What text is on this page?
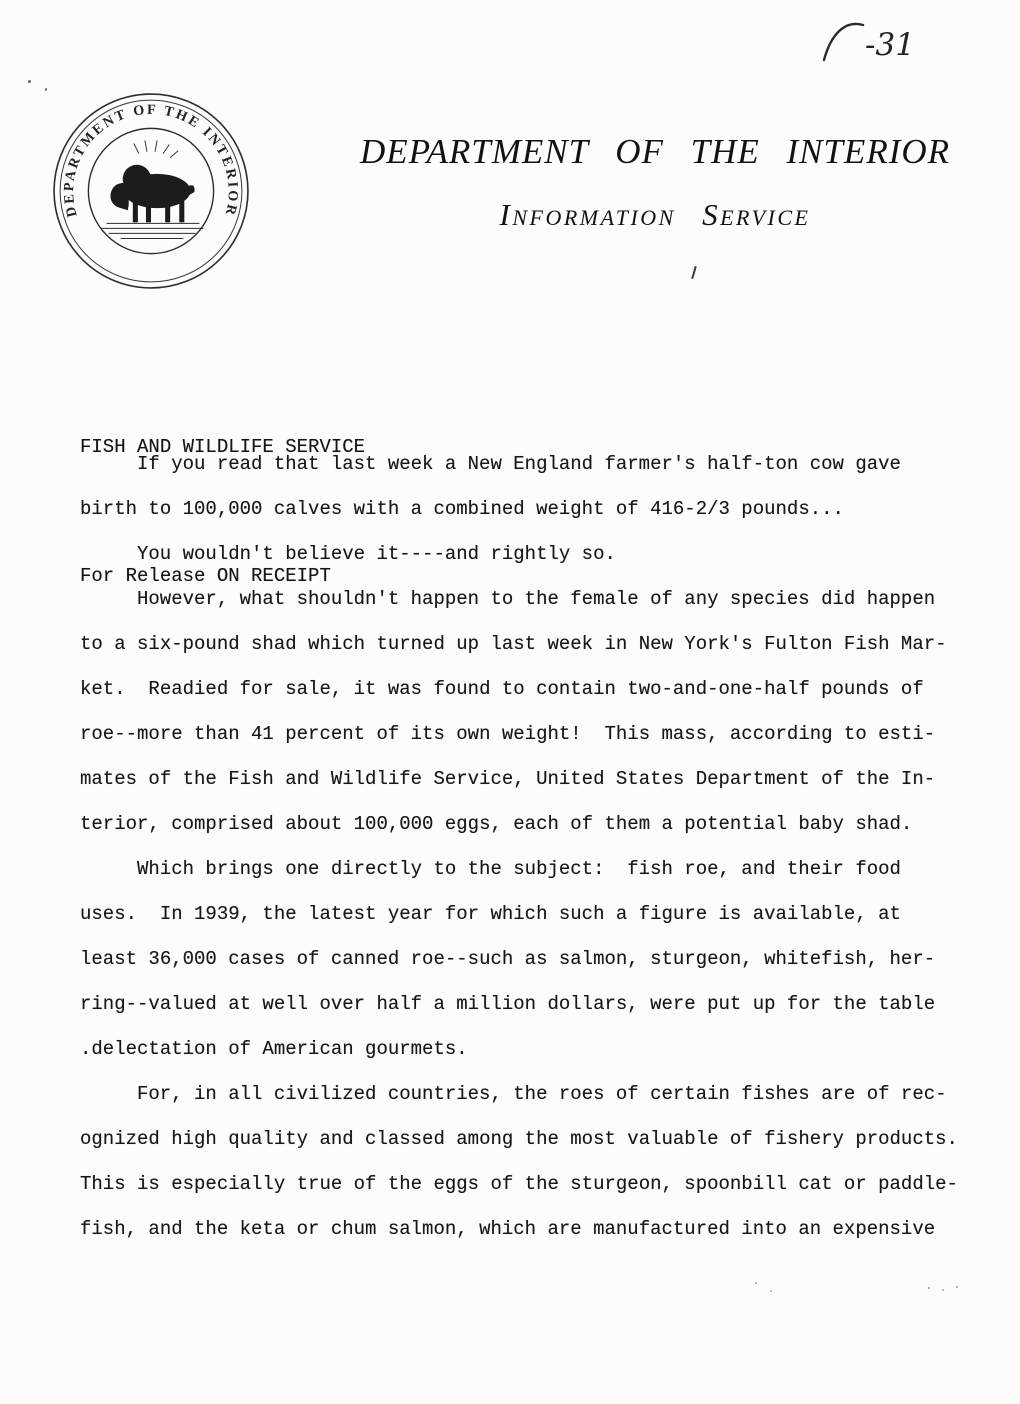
-31
DEPARTMENT OF THE INTERIOR
DEPARTMENT OF THE INTERIOR
Information Service

FISH AND WILDLIFE SERVICE

For Release ON RECEIPT

If you read that last week a New England farmer's half-ton cow gave
birth to 100,000 calves with a combined weight of 416-2/3 pounds...
You wouldn't believe it----and rightly so.
However, what shouldn't happen to the female of any species did happen
to a six-pound shad which turned up last week in New York's Fulton Fish Mar-
ket.  Readied for sale, it was found to contain two-and-one-half pounds of
roe--more than 41 percent of its own weight!  This mass, according to esti-
mates of the Fish and Wildlife Service, United States Department of the In-
terior, comprised about 100,000 eggs, each of them a potential baby shad.
Which brings one directly to the subject:  fish roe, and their food
uses.  In 1939, the latest year for which such a figure is available, at
least 36,000 cases of canned roe--such as salmon, sturgeon, whitefish, her-
ring--valued at well over half a million dollars, were put up for the table
.delectation of American gourmets.
For, in all civilized countries, the roes of certain fishes are of rec-
ognized high quality and classed among the most valuable of fishery products.
This is especially true of the eggs of the sturgeon, spoonbill cat or paddle-
fish, and the keta or chum salmon, which are manufactured into an expensive
